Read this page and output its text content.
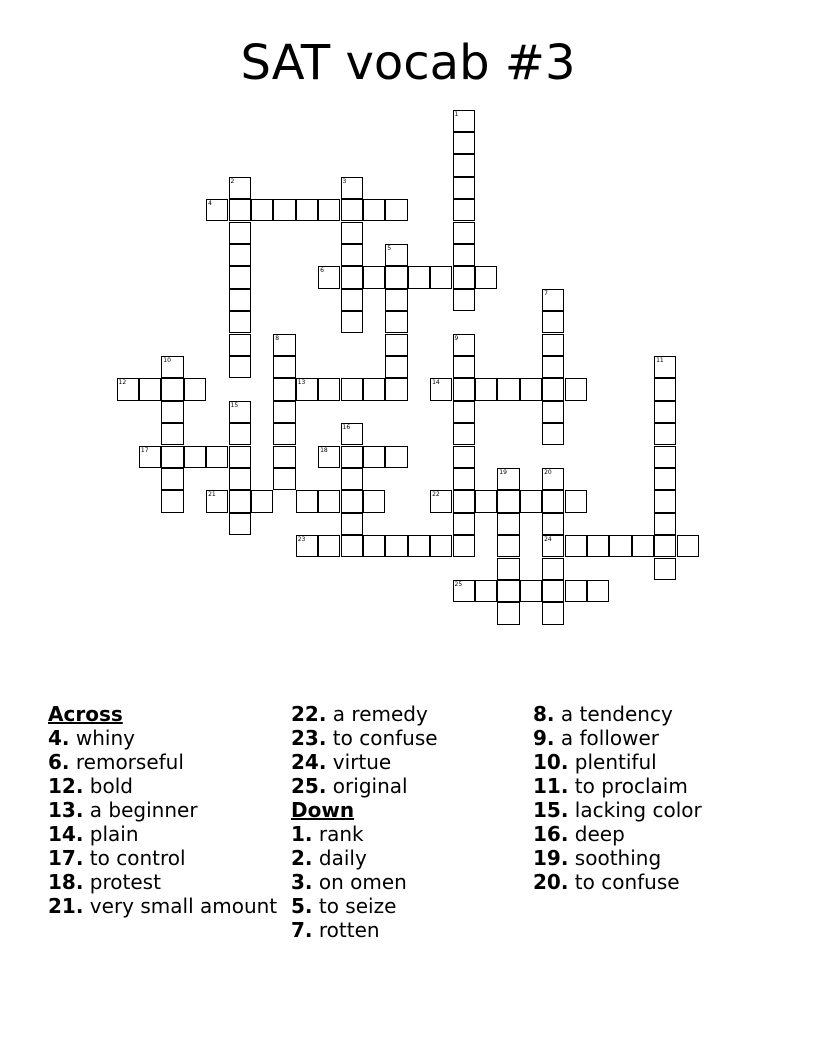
SAT vocab #3
1
2	3
4
5
6
7
8	9
10	11
12	13	14
15
16
17	18
19	20
21	22
23	24
25
Across
4. whiny
6. remorseful
12. bold
13. a beginner
14. plain
17. to control
18. protest
21. very small amount
22. a remedy
23. to confuse
24. virtue
25. original
Down
1. rank
2. daily
3. on omen
5. to seize
7. rotten
8. a tendency
9. a follower
10. plentiful
11. to proclaim
15. lacking color
16. deep
19. soothing
20. to confuse
